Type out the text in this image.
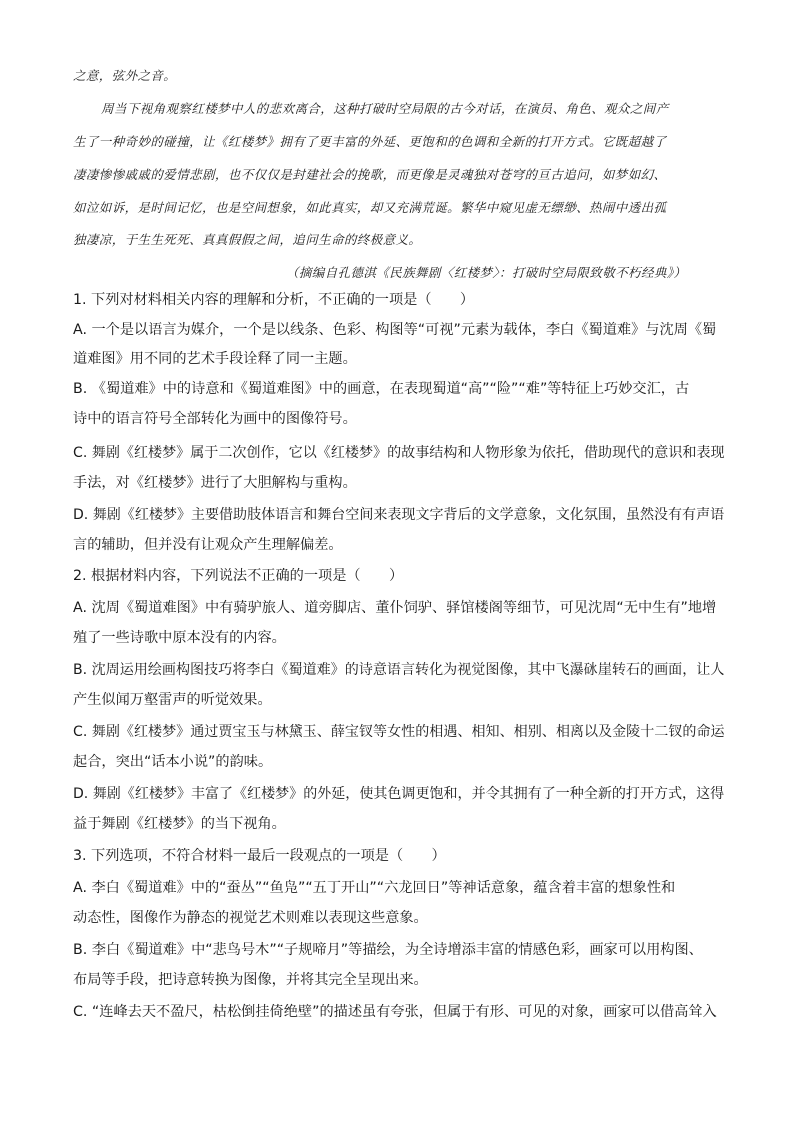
之意，弦外之音。

周当下视角观察红楼梦中人的悲欢离合，这种打破时空局限的古今对话，在演员、角色、观众之间产

生了一种奇妙的碰撞，让《红楼梦》拥有了更丰富的外延、更饱和的色调和全新的打开方式。它既超越了

凄凄惨惨戚戚的爱情悲剧，也不仅仅是封建社会的挽歌，而更像是灵魂独对苍穹的亘古追问，如梦如幻、

如泣如诉，是时间记忆，也是空间想象，如此真实，却又充满荒诞。繁华中窥见虚无缥缈、热闹中透出孤

独凄凉，于生生死死、真真假假之间，追问生命的终极意义。

（摘编自孔德淇《民族舞剧〈红楼梦〉：打破时空局限致敬不朽经典》）

1. 下列对材料相关内容的理解和分析，不正确的一项是（　　）

A. 一个是以语言为媒介，一个是以线条、色彩、构图等“可视”元素为载体，李白《蜀道难》与沈周《蜀

道难图》用不同的艺术手段诠释了同一主题。

B. 《蜀道难》中的诗意和《蜀道难图》中的画意，在表现蜀道“高”“险”“难”等特征上巧妙交汇，古

诗中的语言符号全部转化为画中的图像符号。

C. 舞剧《红楼梦》属于二次创作，它以《红楼梦》的故事结构和人物形象为依托，借助现代的意识和表现

手法，对《红楼梦》进行了大胆解构与重构。

D. 舞剧《红楼梦》主要借助肢体语言和舞台空间来表现文字背后的文学意象，文化氛围，虽然没有有声语

言的辅助，但并没有让观众产生理解偏差。

2. 根据材料内容，下列说法不正确的一项是（　　）

A. 沈周《蜀道难图》中有骑驴旅人、道旁脚店、董仆饲驴、驿馆楼阁等细节，可见沈周“无中生有”地增

殖了一些诗歌中原本没有的内容。

B. 沈周运用绘画构图技巧将李白《蜀道难》的诗意语言转化为视觉图像，其中飞瀑砯崖转石的画面，让人

产生似闻万壑雷声的听觉效果。

C. 舞剧《红楼梦》通过贾宝玉与林黛玉、薛宝钗等女性的相遇、相知、相别、相离以及金陵十二钗的命运

起合，突出“话本小说”的韵味。

D. 舞剧《红楼梦》丰富了《红楼梦》的外延，使其色调更饱和，并令其拥有了一种全新的打开方式，这得

益于舞剧《红楼梦》的当下视角。

3. 下列选项，不符合材料一最后一段观点的一项是（　　）

A. 李白《蜀道难》中的“蚕丛”“鱼凫”“五丁开山”“六龙回日”等神话意象，蕴含着丰富的想象性和

动态性，图像作为静态的视觉艺术则难以表现这些意象。

B. 李白《蜀道难》中“悲鸟号木”“子规啼月”等描绘，为全诗增添丰富的情感色彩，画家可以用构图、

布局等手段，把诗意转换为图像，并将其完全呈现出来。

C. “连峰去天不盈尺，枯松倒挂倚绝壁”的描述虽有夸张，但属于有形、可见的对象，画家可以借高耸入
